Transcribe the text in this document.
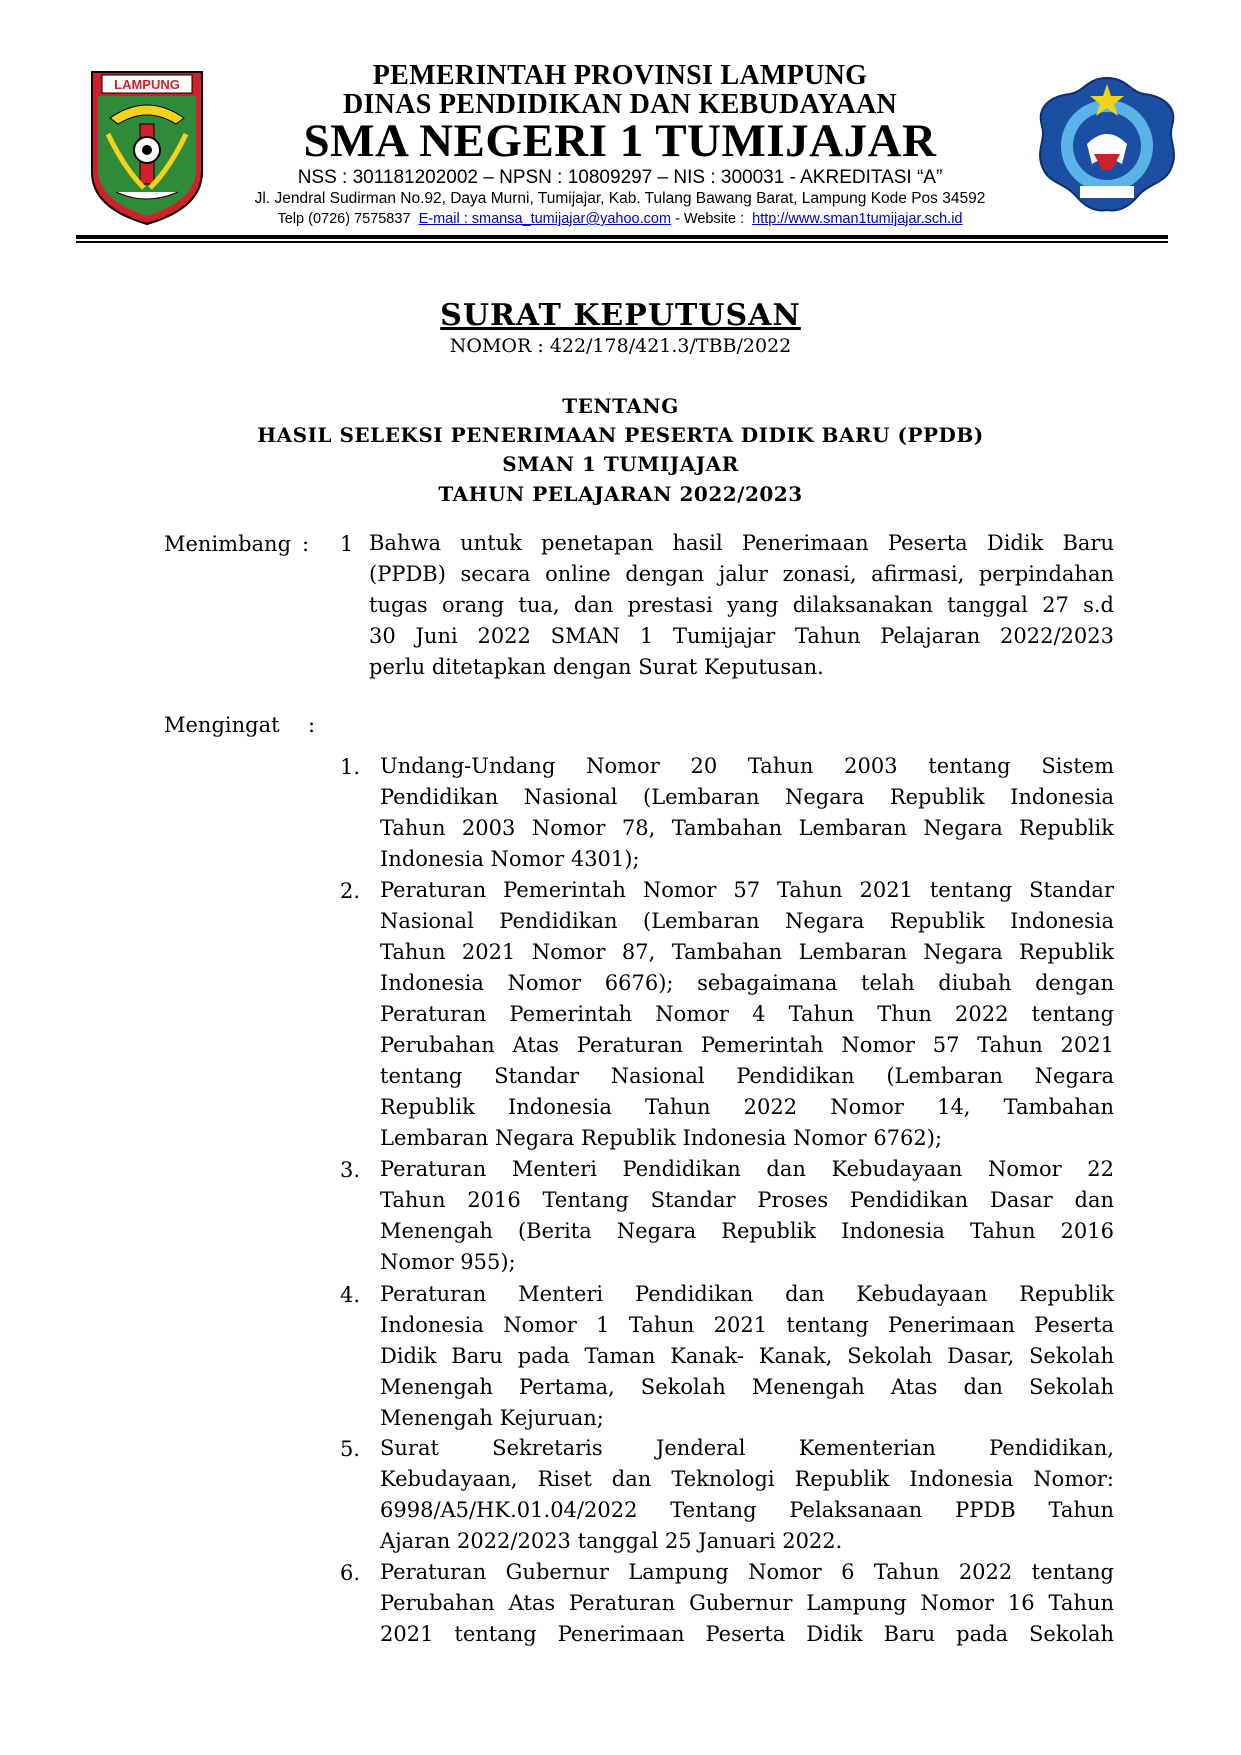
LAMPUNG	PEMERINTAH PROVINSI LAMPUNG
DINAS PENDIDIKAN DAN KEBUDAYAAN
SMA NEGERI 1 TUMIJAJAR
NSS : 301181202002 – NPSN : 10809297 – NIS : 300031 - AKREDITASI “A”
Jl. Jendral Sudirman No.92, Daya Murni, Tumijajar, Kab. Tulang Bawang Barat, Lampung Kode Pos 34592
Telp (0726) 7575837 E-mail : smansa_tumijajar@yahoo.com - Website : http://www.sman1tumijajar.sch.id
SURAT KEPUTUSAN
NOMOR : 422/178/421.3/TBB/2022
TENTANG
HASIL SELEKSI PENERIMAAN PESERTA DIDIK BARU (PPDB)
SMAN 1 TUMIJAJAR
TAHUN PELAJARAN 2022/2023
Menimbang : 1 Bahwa untuk penetapan hasil Penerimaan Peserta Didik Baru
(PPDB) secara online dengan jalur zonasi, afirmasi, perpindahan
tugas orang tua, dan prestasi yang dilaksanakan tanggal 27 s.d
30 Juni 2022 SMAN 1 Tumijajar Tahun Pelajaran 2022/2023
perlu ditetapkan dengan Surat Keputusan.
Mengingat :
1. Undang-Undang Nomor 20 Tahun 2003 tentang Sistem
Pendidikan Nasional (Lembaran Negara Republik Indonesia
Tahun 2003 Nomor 78, Tambahan Lembaran Negara Republik
Indonesia Nomor 4301);
2. Peraturan Pemerintah Nomor 57 Tahun 2021 tentang Standar
Nasional Pendidikan (Lembaran Negara Republik Indonesia
Tahun 2021 Nomor 87, Tambahan Lembaran Negara Republik
Indonesia Nomor 6676); sebagaimana telah diubah dengan
Peraturan Pemerintah Nomor 4 Tahun Thun 2022 tentang
Perubahan Atas Peraturan Pemerintah Nomor 57 Tahun 2021
tentang Standar Nasional Pendidikan (Lembaran Negara
Republik Indonesia Tahun 2022 Nomor 14, Tambahan
Lembaran Negara Republik Indonesia Nomor 6762);
3. Peraturan Menteri Pendidikan dan Kebudayaan Nomor 22
Tahun 2016 Tentang Standar Proses Pendidikan Dasar dan
Menengah (Berita Negara Republik Indonesia Tahun 2016
Nomor 955);
4. Peraturan Menteri Pendidikan dan Kebudayaan Republik
Indonesia Nomor 1 Tahun 2021 tentang Penerimaan Peserta
Didik Baru pada Taman Kanak- Kanak, Sekolah Dasar, Sekolah
Menengah Pertama, Sekolah Menengah Atas dan Sekolah
Menengah Kejuruan;
5. Surat Sekretaris Jenderal Kementerian Pendidikan,
Kebudayaan, Riset dan Teknologi Republik Indonesia Nomor:
6998/A5/HK.01.04/2022 Tentang Pelaksanaan PPDB Tahun
Ajaran 2022/2023 tanggal 25 Januari 2022.
6. Peraturan Gubernur Lampung Nomor 6 Tahun 2022 tentang
Perubahan Atas Peraturan Gubernur Lampung Nomor 16 Tahun
2021 tentang Penerimaan Peserta Didik Baru pada Sekolah
